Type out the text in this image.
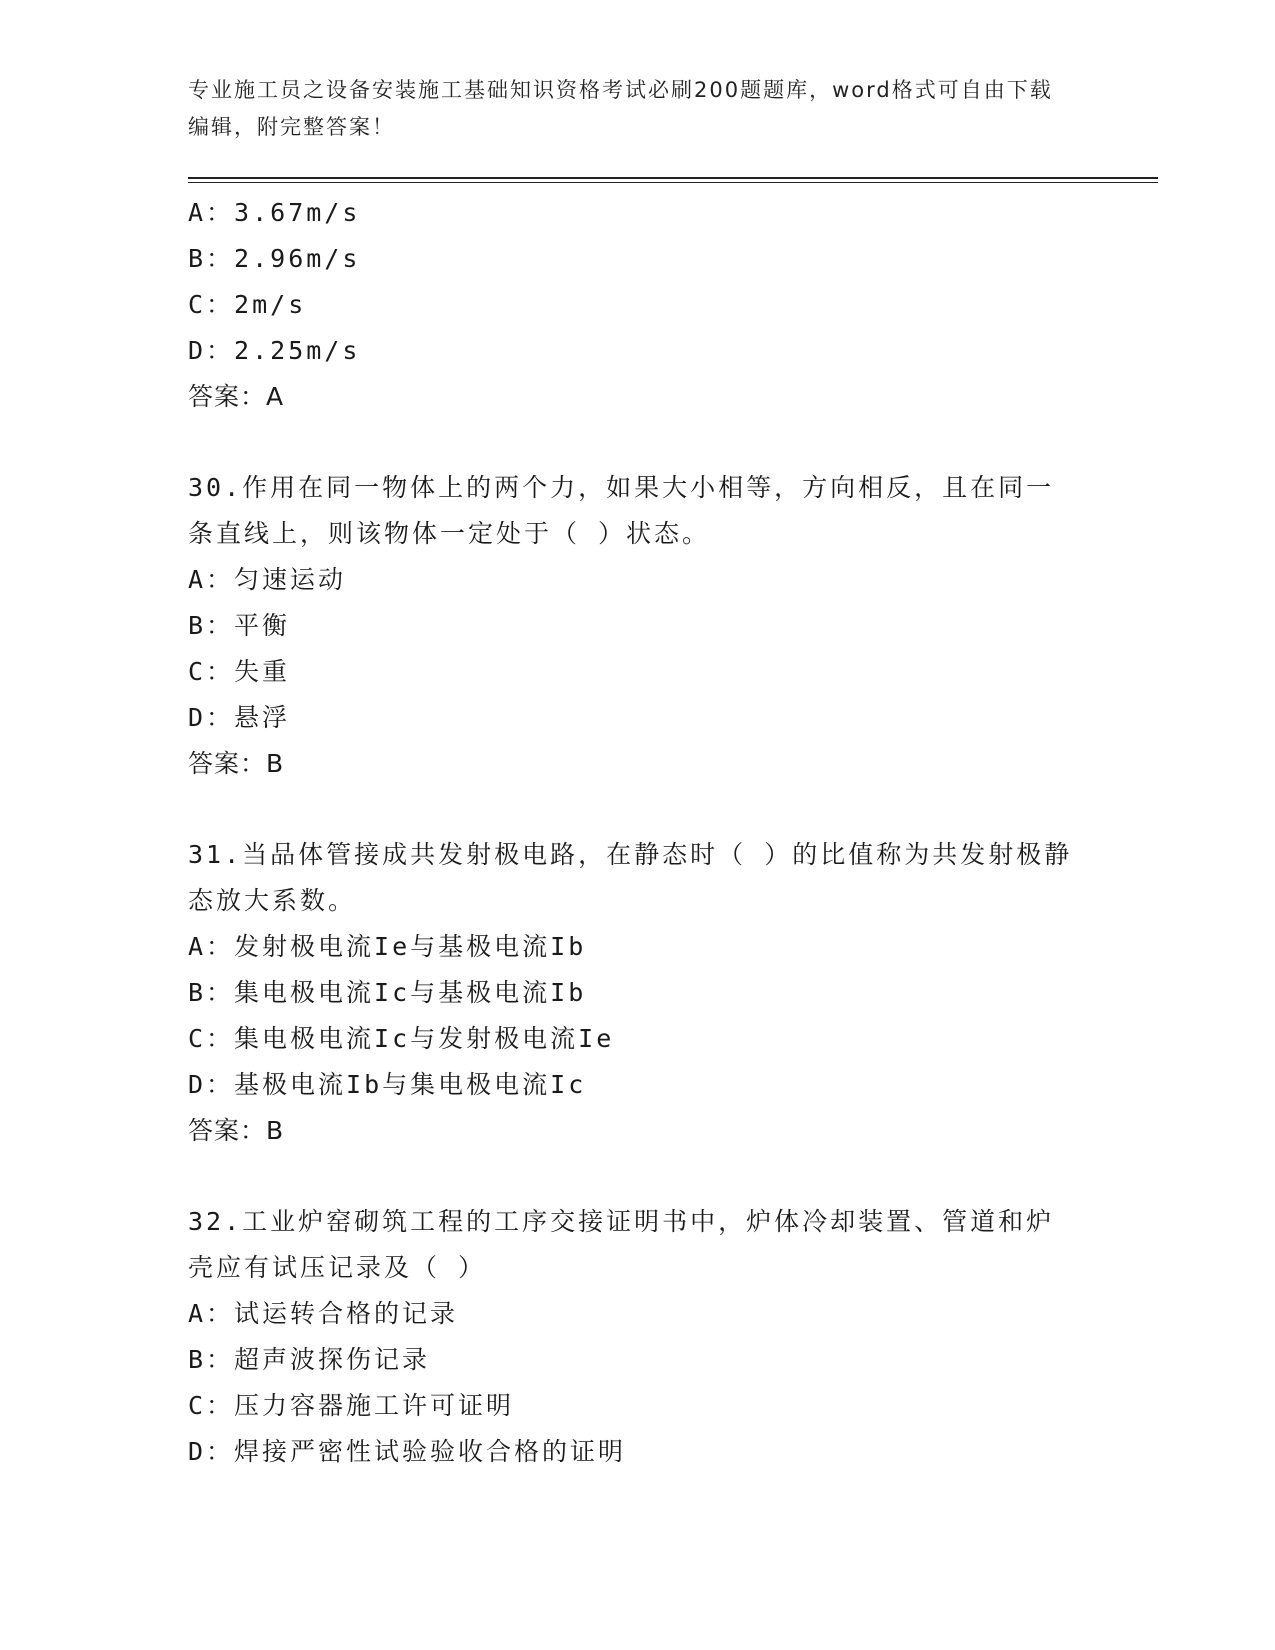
专业施工员之设备安装施工基础知识资格考试必刷200题题库，word格式可自由下载编辑，附完整答案！
A：3.67m/s
B：2.96m/s
C：2m/s
D：2.25m/s
答案：A
30.作用在同一物体上的两个力，如果大小相等，方向相反，且在同一条直线上，则该物体一定处于（ ）状态。
A：匀速运动
B：平衡
C：失重
D：悬浮
答案：B
31.当品体管接成共发射极电路，在静态时（ ）的比值称为共发射极静态放大系数。
A：发射极电流Ie与基极电流Ib
B：集电极电流Ic与基极电流Ib
C：集电极电流Ic与发射极电流Ie
D：基极电流Ib与集电极电流Ic
答案：B
32.工业炉窑砌筑工程的工序交接证明书中，炉体冷却装置、管道和炉壳应有试压记录及（ ）
A：试运转合格的记录
B：超声波探伤记录
C：压力容器施工许可证明
D：焊接严密性试验验收合格的证明
